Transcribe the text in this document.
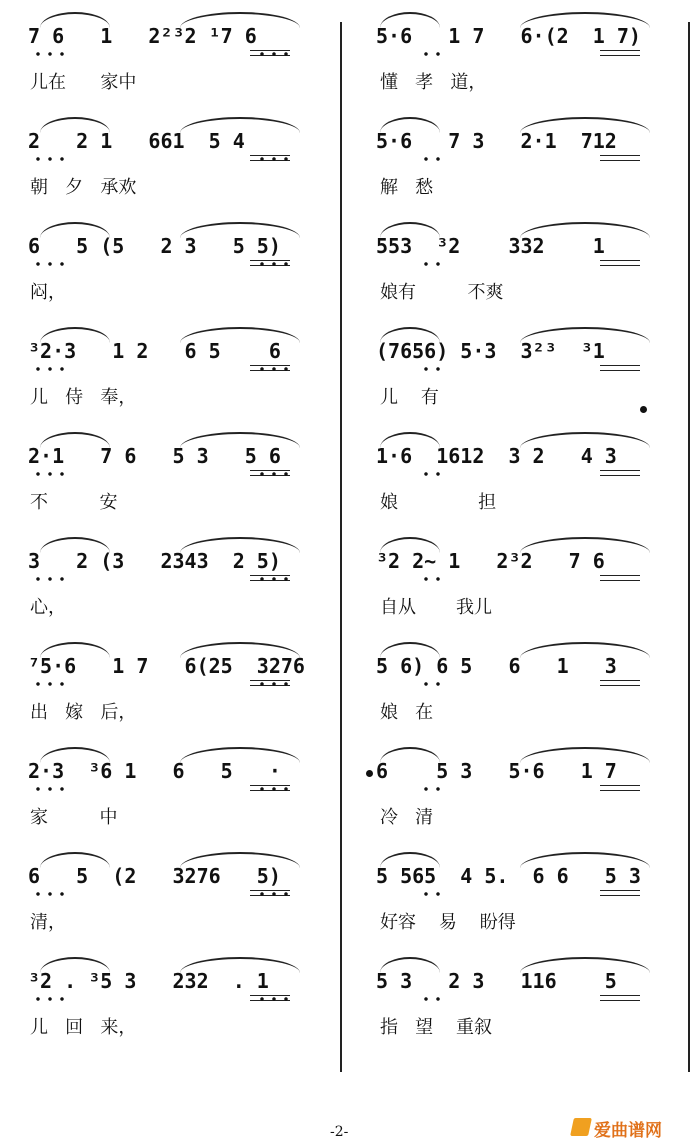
7 6   1   2²³2 ¹7 6	5·6   1 7   6·(2  1 7)
儿在      家中	懂   孝   道，
2   2 1   661  5 4	5·6   7 3   2·1  712
朝   夕   承欢	解   愁
6   5 (5   2 3   5 5)	553  ³2    332    1
闷，	娘有         不爽
³2·3   1 2   6 5    6	(7656) 5·3  3²³  ³1
儿   侍   奉，	儿    有
2·1   7 6   5 3   5 6	1·6  1612  3 2   4 3
不         安	娘              担
3   2 (3   2343  2 5)	³2 2~ 1   2³2   7 6
心，	自从       我儿
⁷5·6   1 7   6(25  3276	5 6) 6 5   6   1   3
出   嫁   后，	娘   在
2·3  ³6 1   6   5   ·	6    5 3   5·6   1 7
家         中	冷   清
6   5  (2   3276   5)	5 565  4 5.  6 6   5 3
清，	好容    易    盼得
³2 . ³5 3   232  . 1	5 3   2 3   116    5
儿   回   来，	指   望    重叙
-2-	爱曲谱网
